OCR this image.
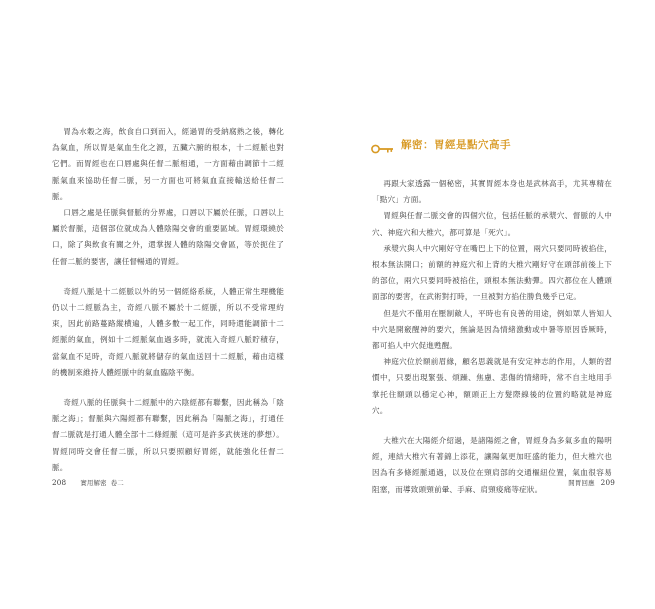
胃為水穀之海，飲食自口到而入，經過胃的受納腐熟之後，轉化為氣血，所以胃是氣血生化之源，五臟六腑的根本，十二經脈也對它們。而胃經也在口唇處與任督二脈相通，一方面藉由調節十二經脈氣血來協助任督二脈，另一方面也可將氣血直接輸送給任督二脈。

口唇之處是任脈與督脈的分界處，口唇以下屬於任脈，口唇以上屬於督脈，這個部位就成為人體陰陽交會的重要區域。胃經環繞於口，除了與飲食有關之外，還掌握人體的陰陽交會區，等於扼住了任督二脈的要害，讓任督暢通的胃經。

奇經八脈是十二經脈以外的另一個經絡系統，人體正常生理機能仍以十二經脈為主，奇經八脈不屬於十二經脈，所以不受常理約束，因此前路蔓路縱横遍，人體多數一起工作，同時還能調節十二經脈的氣血，例如十二經脈氣血過多時，就流入奇經八脈貯積存，當氣血不足時，奇經八脈就將儲存的氣血送回十二經脈，藉由這樣的機制來維持人體經脈中的氣血臨陰平衡。

奇經八脈的任脈與十二經脈中的六陰經都有聯繫，因此稱為「陰脈之海」；督脈與六陽經都有聯繫，因此稱為「陽脈之海」，打通任督二脈就是打通人體全部十二條經脈（這可是許多武俠迷的夢想）。胃經同時交會任督二脈，所以只要照顧好胃經，就能強化任督二脈。

208 實用解密 卷二
解密：胃經是點穴高手

再跟大家透露一個秘密，其實胃經本身也是武林高手，尤其專精在「點穴」方面。

胃經與任督二脈交會的四個穴位，包括任脈的承漿穴、督脈的人中穴、神庭穴和大椎穴，都可算是「死穴」。

承漿穴與人中穴剛好守在嘴巴上下的位置，兩穴只要同時被掐住，根本無法開口；前額的神庭穴和上背的大椎穴剛好守在頭部前後上下的部位，兩穴只要同時被掐住，頭根本無法動彈。四穴都位在人體頭面部的要害，在武術對打時，一旦被對方掐住勝負幾乎已定。

但是穴不僅用在壓制敵人，平時也有良善的用途，例如眾人皆知人中穴是開竅醒神的要穴，無論是因為情緒激動或中暑等原因昏厥時，都可掐人中穴促進甦醒。

神庭穴位於額前眉緣，顧名思義就是有安定神志的作用，人類的習慣中，只要出現緊張、煩躁、焦慮、悲傷的情緒時，常不自主地用手掌托住額頭以穩定心神，額頭正上方髮際線後的位置約略就是神庭穴。

大椎穴在大陽經介紹過，是諸陽經之會，胃經身為多氣多血的陽明經，連結大椎穴有著錦上添花，讓陽氣更加旺盛的能力，但大椎穴也因為有多條經脈通過，以及位在頸肩部的交通樞紐位置，氣血很容易阻塞，而導致頭頸前暈、手麻、肩頸痠痛等症狀。

開胃回應 209
